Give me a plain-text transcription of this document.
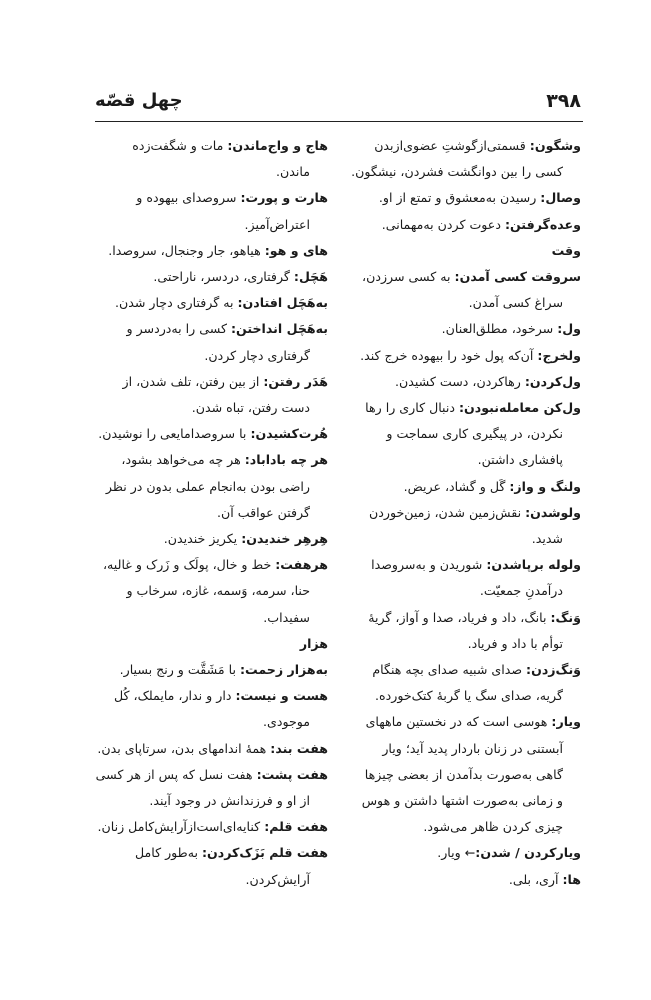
۳۹۸
چهل قصّه
وشگون: قسمتی‌ازگوشتِ عضوی‌ازبدن
کسی را بین دوانگشت فشردن، نیشگون.
وصال: رسیدن به‌معشوق و تمتع از او.
وعده‌گرفتن: دعوت کردن به‌مهمانی.
وقت
سروقت کسی آمدن: به کسی سرزدن،
سراغ کسی آمدن.
ول: سرخود، مطلق‌العنان.
ولخرج: آن‌که پول خود را بیهوده خرج کند.
ول‌کردن: رهاکردن، دست کشیدن.
ول‌کن معامله‌نبودن: دنبال کاری را رها
نکردن، در پیگیری کاری سماجت و
پافشاری داشتن.
ولنگ و واز: گَل و گشاد، عریض.
ولوشدن: نقش‌زمین شدن، زمین‌خوردن
شدید.
ولوله برپاشدن: شوریدن و به‌سروصدا
درآمدنِ جمعیّت.
وَنگ: بانگ، داد و فریاد، صدا و آواز، گریهٔ
توأم با داد و فریاد.
وَنگ‌زدن: صدای شبیه صدای بچه هنگام
گریه، صدای سگ یا گربهٔ کتک‌خورده.
ویار: هوسی است که در نخستین ماههای
آبستنی در زنان باردار پدید آید؛ ویار
گاهی به‌صورت بدآمدن از بعضی چیزها
و زمانی به‌صورت اشتها داشتن و هوس
چیزی کردن ظاهر می‌شود.
ویارکردن / شدن:← ویار.
ها: آری، بلی.
هاج و واج‌ماندن: مات و شگفت‌زده
ماندن.
هارت و پورت: سروصدای بیهوده و
اعتراض‌آمیز.
های و هو: هیاهو، جار وجنجال، سروصدا.
هَچَل: گرفتاری، دردسر، ناراحتی.
به‌هَچَل افتادن: به گرفتاری دچار شدن.
به‌هَچَل انداختن: کسی را به‌دردسر و
گرفتاری دچار کردن.
هَدَر رفتن: از بین رفتن، تلف شدن، از
دست رفتن، تباه شدن.
هُرت‌کشیدن: با سروصدامایعی را نوشیدن.
هر چه باداباد: هر چه می‌خواهد بشود،
راضی بودن به‌انجام عملی بدون در نظر
گرفتن عواقب آن.
هِرهِر خندیدن: یکریز خندیدن.
هرهفت: خط و خال، پولَک و زَرک و غالیه،
حنا، سرمه، وَسمه، غازه، سرخاب و
سفیداب.
هزار
به‌هزار زحمت: با مَشَقَّت و رنج بسیار.
هست و نیست: دار و ندار، مایملک، کُل
موجودی.
هفت بند: همهٔ اندامهای بدن، سرتاپای بدن.
هفت پشت: هفت نسل که پس از هر کسی
از او و فرزندانش در وجود آیند.
هفت قلم: کنایه‌ای‌است‌ازآرایش‌کامل زنان.
هفت قلم بَزَک‌کردن: به‌طور کامل
آرایش‌کردن.
